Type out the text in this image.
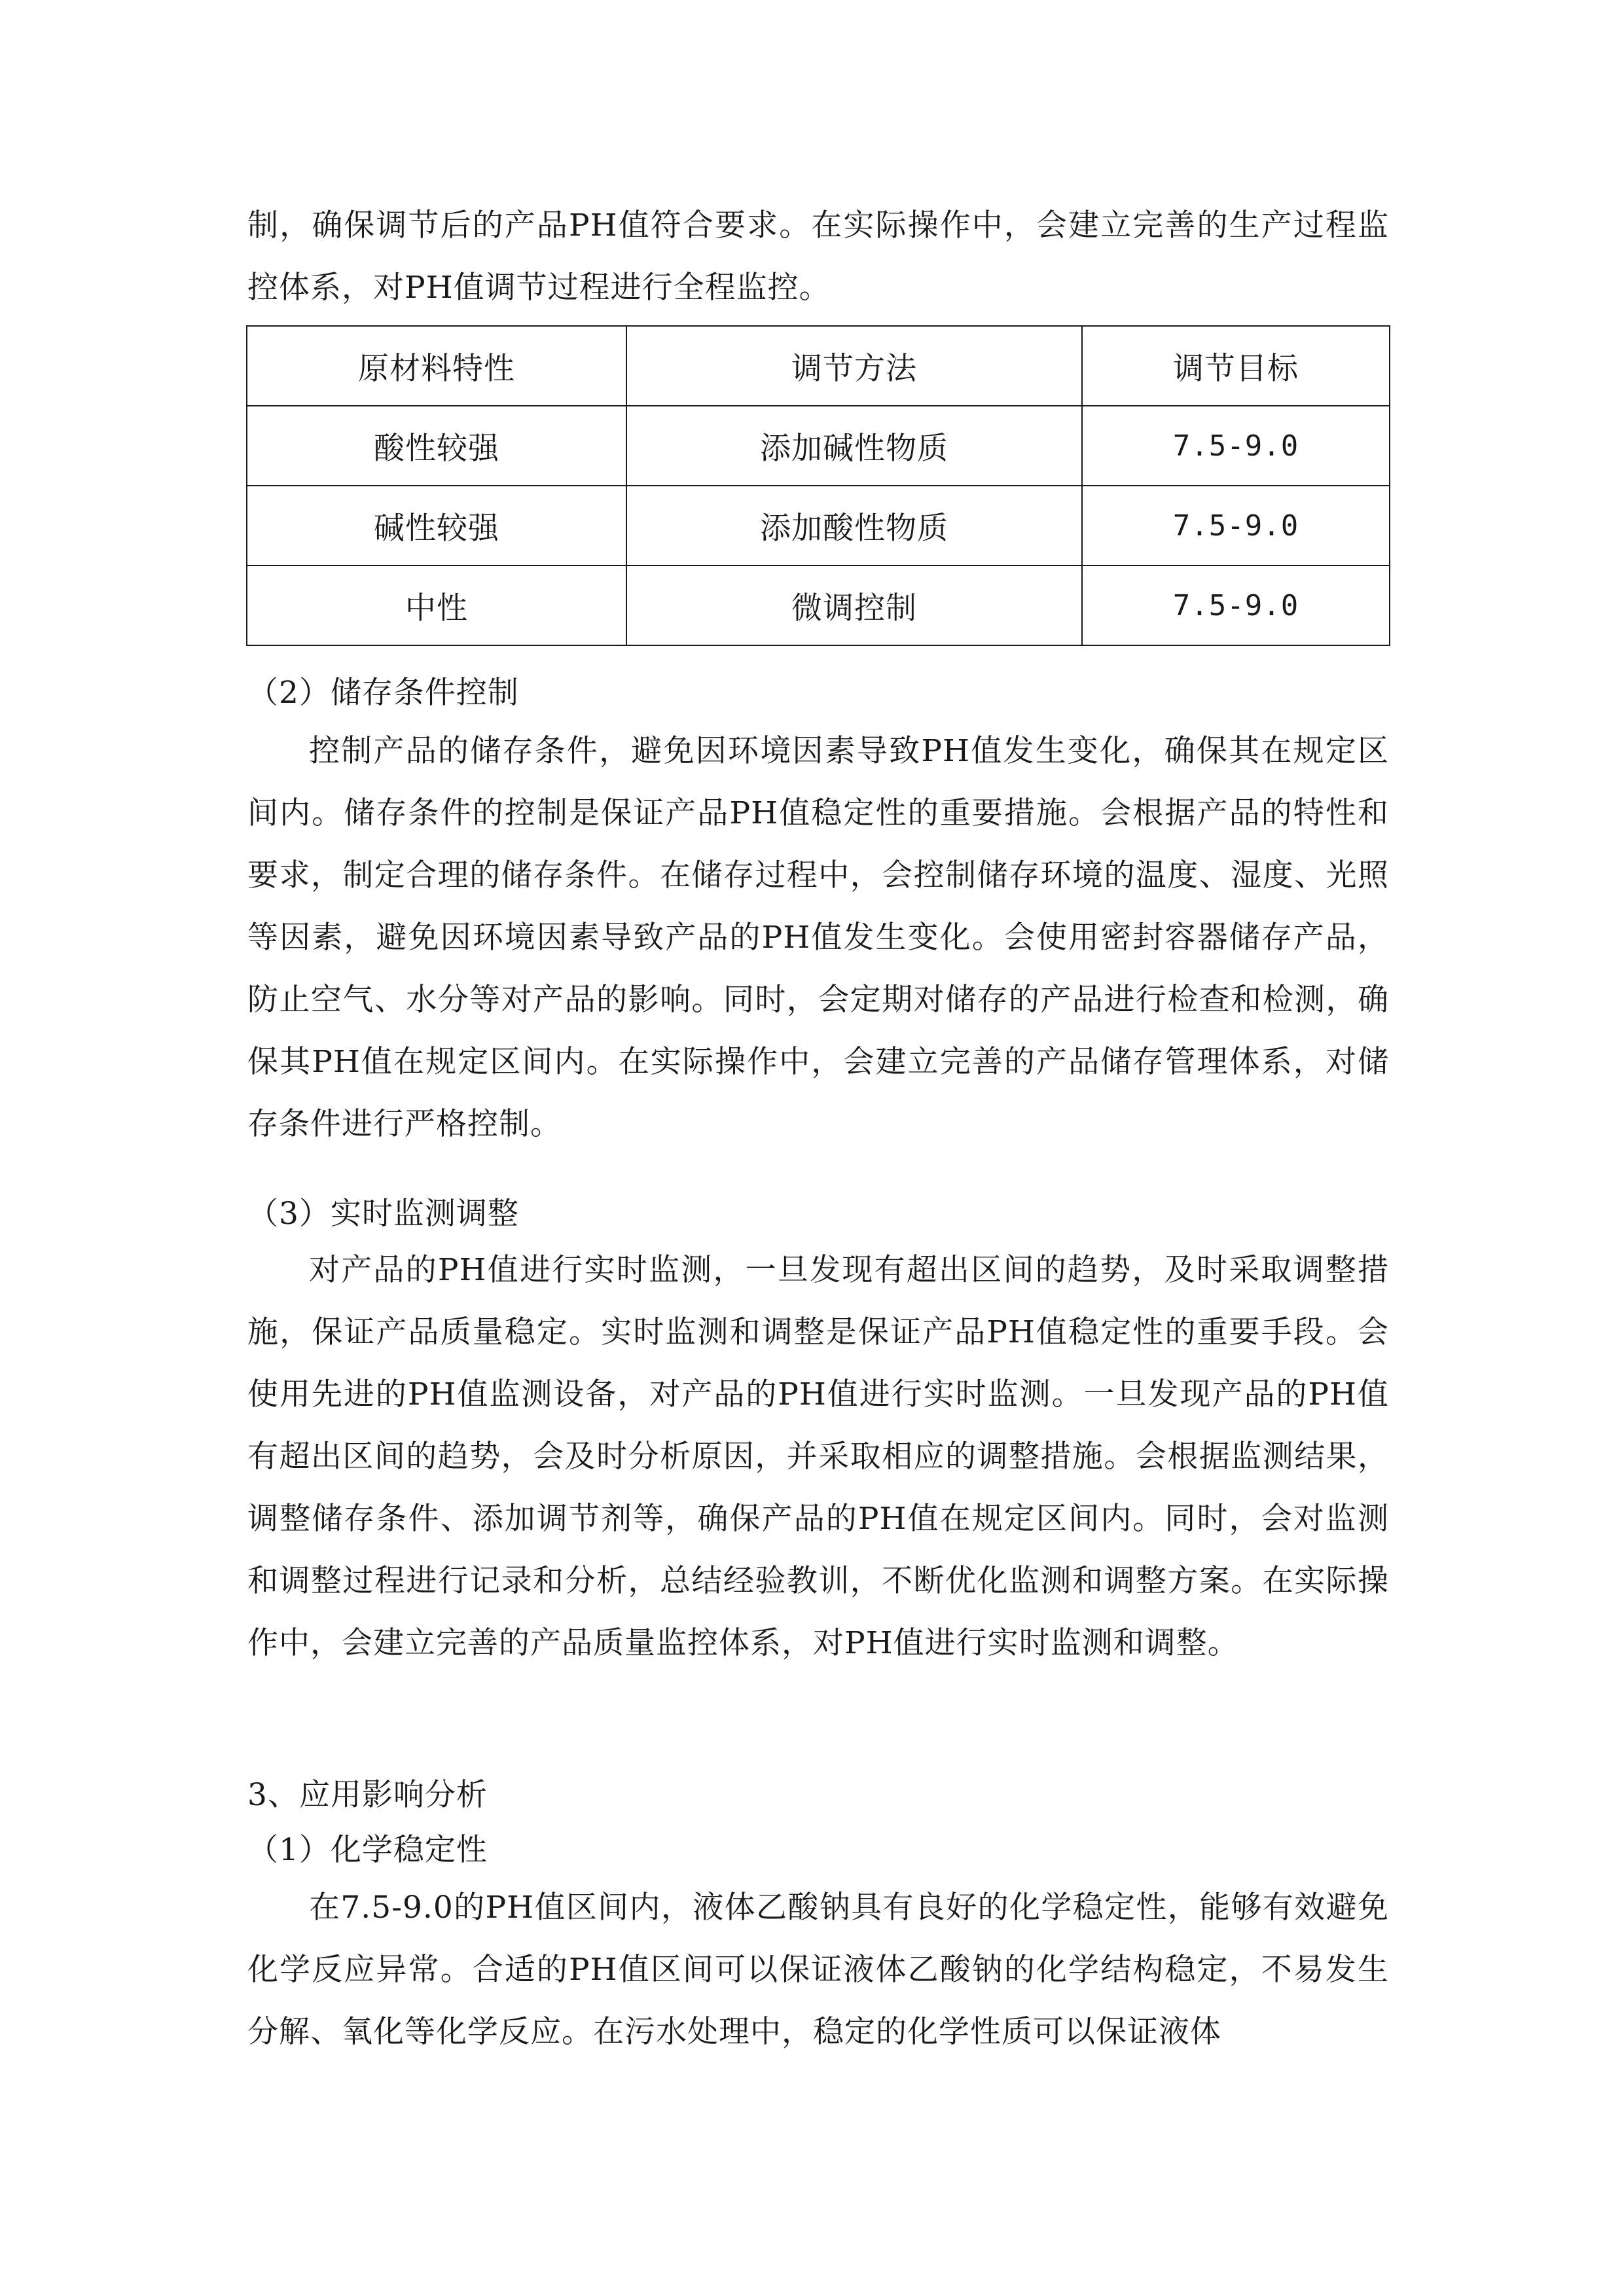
制，确保调节后的产品PH值符合要求。在实际操作中，会建立完善的生产过程监控体系，对PH值调节过程进行全程监控。

原材料特性	调节方法	调节目标
酸性较强	添加碱性物质	7.5-9.0
碱性较强	添加酸性物质	7.5-9.0
中性	微调控制	7.5-9.0
（2）储存条件控制

控制产品的储存条件，避免因环境因素导致PH值发生变化，确保其在规定区间内。储存条件的控制是保证产品PH值稳定性的重要措施。会根据产品的特性和要求，制定合理的储存条件。在储存过程中，会控制储存环境的温度、湿度、光照等因素，避免因环境因素导致产品的PH值发生变化。会使用密封容器储存产品，防止空气、水分等对产品的影响。同时，会定期对储存的产品进行检查和检测，确保其PH值在规定区间内。在实际操作中，会建立完善的产品储存管理体系，对储存条件进行严格控制。

（3）实时监测调整

对产品的PH值进行实时监测，一旦发现有超出区间的趋势，及时采取调整措施，保证产品质量稳定。实时监测和调整是保证产品PH值稳定性的重要手段。会使用先进的PH值监测设备，对产品的PH值进行实时监测。一旦发现产品的PH值有超出区间的趋势，会及时分析原因，并采取相应的调整措施。会根据监测结果，调整储存条件、添加调节剂等，确保产品的PH值在规定区间内。同时，会对监测和调整过程进行记录和分析，总结经验教训，不断优化监测和调整方案。在实际操作中，会建立完善的产品质量监控体系，对PH值进行实时监测和调整。

3、应用影响分析
（1）化学稳定性

在7.5-9.0的PH值区间内，液体乙酸钠具有良好的化学稳定性，能够有效避免化学反应异常。合适的PH值区间可以保证液体乙酸钠的化学结构稳定，不易发生分解、氧化等化学反应。在污水处理中，稳定的化学性质可以保证液体
